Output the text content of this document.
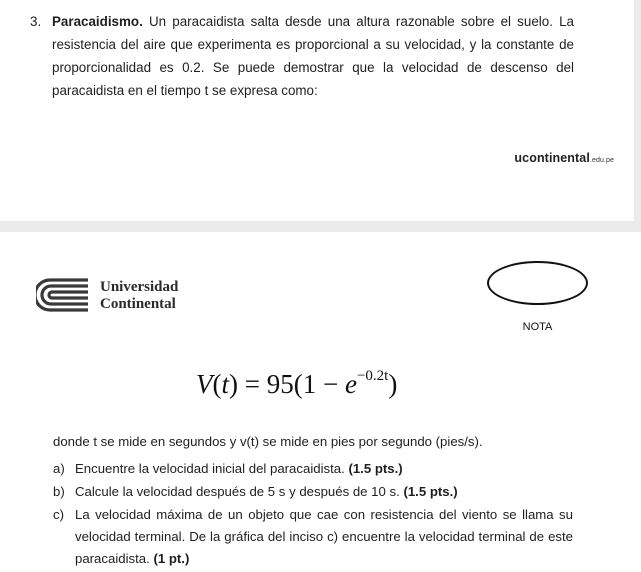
3. Paracaidismo. Un paracaidista salta desde una altura razonable sobre el suelo. La resistencia del aire que experimenta es proporcional a su velocidad, y la constante de proporcionalidad es 0.2. Se puede demostrar que la velocidad de descenso del paracaidista en el tiempo t se expresa como:
ucontinental.edu.pe
Universidad
Continental
NOTA
$V(t) = 95(1 - e^{-0.2t})$
donde t se mide en segundos y v(t) se mide en pies por segundo (pies/s).
a) Encuentre la velocidad inicial del paracaidista. (1.5 pts.)
b) Calcule la velocidad después de 5 s y después de 10 s. (1.5 pts.)
c) La velocidad máxima de un objeto que cae con resistencia del viento se llama su velocidad terminal. De la gráfica del inciso c) encuentre la velocidad terminal de este paracaidista. (1 pt.)
